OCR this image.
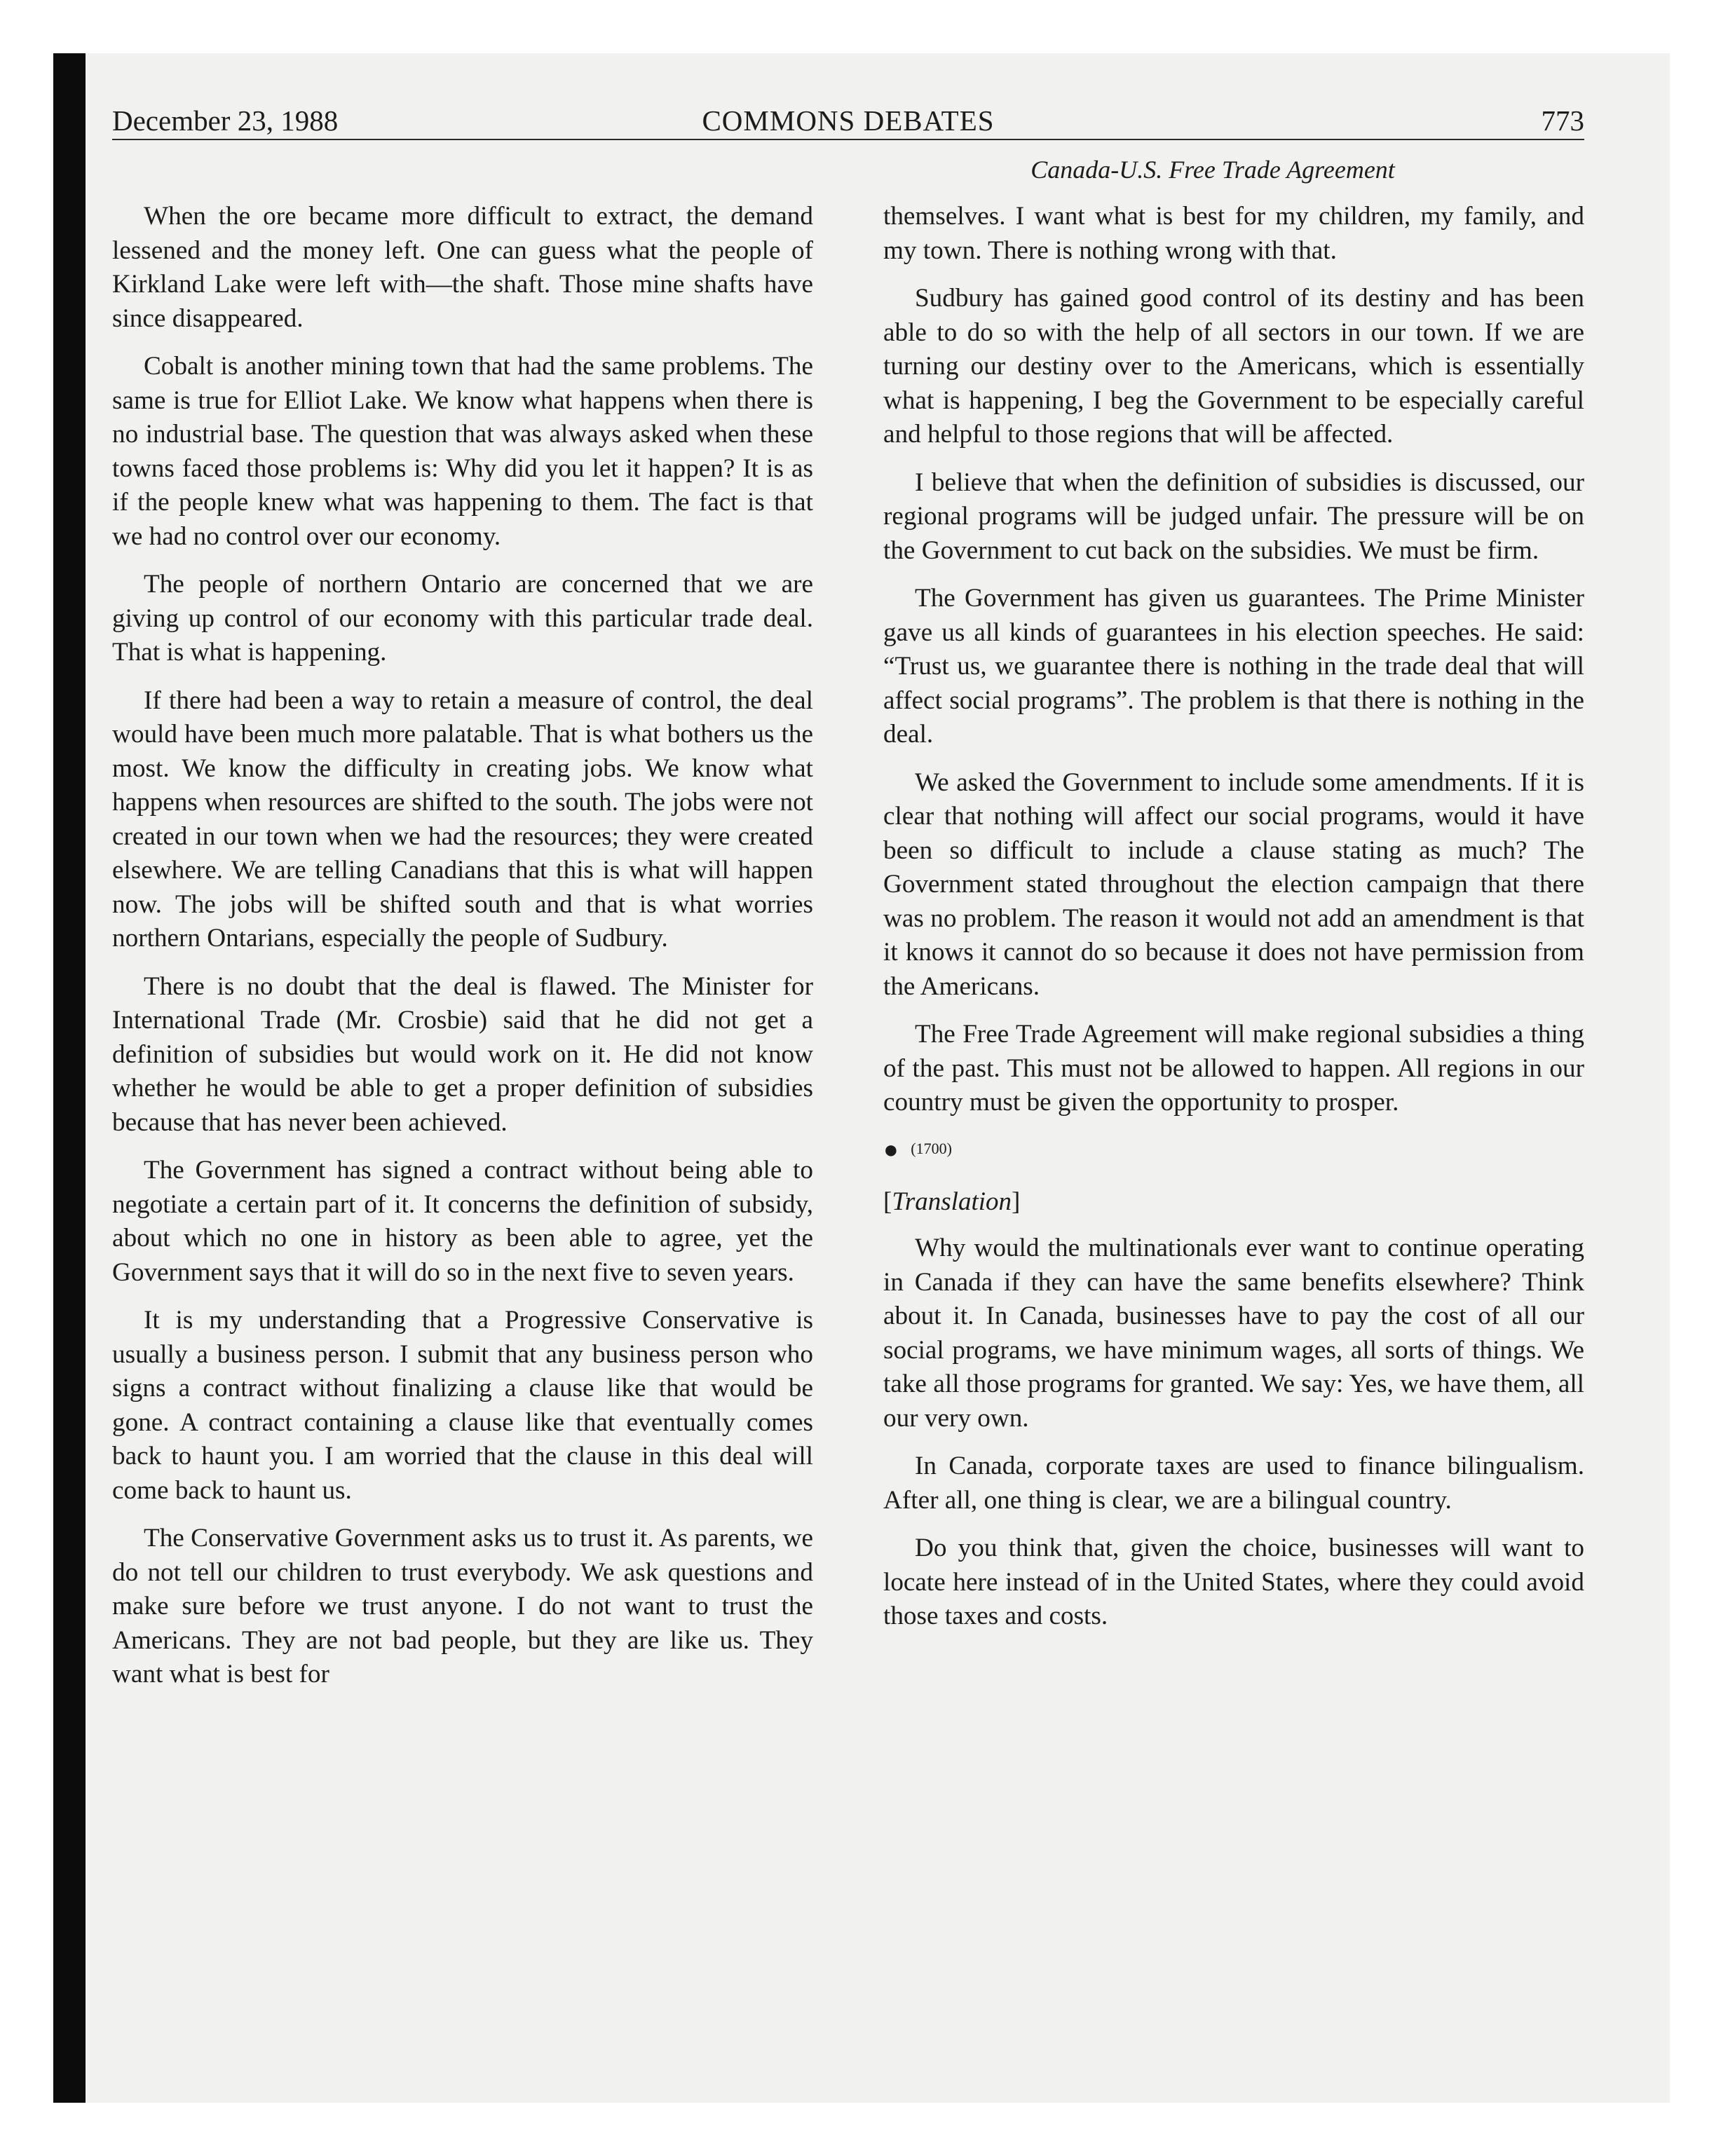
December 23, 1988	COMMONS DEBATES	773
Canada-U.S. Free Trade Agreement

When the ore became more difficult to extract, the demand lessened and the money left. One can guess what the people of Kirkland Lake were left with—the shaft. Those mine shafts have since disappeared.

Cobalt is another mining town that had the same problems. The same is true for Elliot Lake. We know what happens when there is no industrial base. The question that was always asked when these towns faced those problems is: Why did you let it happen? It is as if the people knew what was happening to them. The fact is that we had no control over our economy.

The people of northern Ontario are concerned that we are giving up control of our economy with this particular trade deal. That is what is happening.

If there had been a way to retain a measure of control, the deal would have been much more palatable. That is what bothers us the most. We know the difficulty in creating jobs. We know what happens when resources are shifted to the south. The jobs were not created in our town when we had the resources; they were created elsewhere. We are telling Canadians that this is what will happen now. The jobs will be shifted south and that is what worries northern Ontarians, especially the people of Sudbury.

There is no doubt that the deal is flawed. The Minister for International Trade (Mr. Crosbie) said that he did not get a definition of subsidies but would work on it. He did not know whether he would be able to get a proper definition of subsidies because that has never been achieved.

The Government has signed a contract without being able to negotiate a certain part of it. It concerns the definition of subsidy, about which no one in history as been able to agree, yet the Government says that it will do so in the next five to seven years.

It is my understanding that a Progressive Conservative is usually a business person. I submit that any business person who signs a contract without finalizing a clause like that would be gone. A contract containing a clause like that eventually comes back to haunt you. I am worried that the clause in this deal will come back to haunt us.

The Conservative Government asks us to trust it. As parents, we do not tell our children to trust everybody. We ask questions and make sure before we trust anyone. I do not want to trust the Americans. They are not bad people, but they are like us. They want what is best for

themselves. I want what is best for my children, my family, and my town. There is nothing wrong with that.

Sudbury has gained good control of its destiny and has been able to do so with the help of all sectors in our town. If we are turning our destiny over to the Americans, which is essentially what is happening, I beg the Government to be especially careful and helpful to those regions that will be affected.

I believe that when the definition of subsidies is discussed, our regional programs will be judged unfair. The pressure will be on the Government to cut back on the subsidies. We must be firm.

The Government has given us guarantees. The Prime Minister gave us all kinds of guarantees in his election speeches. He said: “Trust us, we guarantee there is nothing in the trade deal that will affect social programs”. The problem is that there is nothing in the deal.

We asked the Government to include some amendments. If it is clear that nothing will affect our social programs, would it have been so difficult to include a clause stating as much? The Government stated throughout the election campaign that there was no problem. The reason it would not add an amendment is that it knows it cannot do so because it does not have permission from the Americans.

The Free Trade Agreement will make regional subsidies a thing of the past. This must not be allowed to happen. All regions in our country must be given the opportunity to prosper.

● (1700)
[Translation]

Why would the multinationals ever want to continue operating in Canada if they can have the same benefits elsewhere? Think about it. In Canada, businesses have to pay the cost of all our social programs, we have minimum wages, all sorts of things. We take all those programs for granted. We say: Yes, we have them, all our very own.

In Canada, corporate taxes are used to finance bilingualism. After all, one thing is clear, we are a bilingual country.

Do you think that, given the choice, businesses will want to locate here instead of in the United States, where they could avoid those taxes and costs.
